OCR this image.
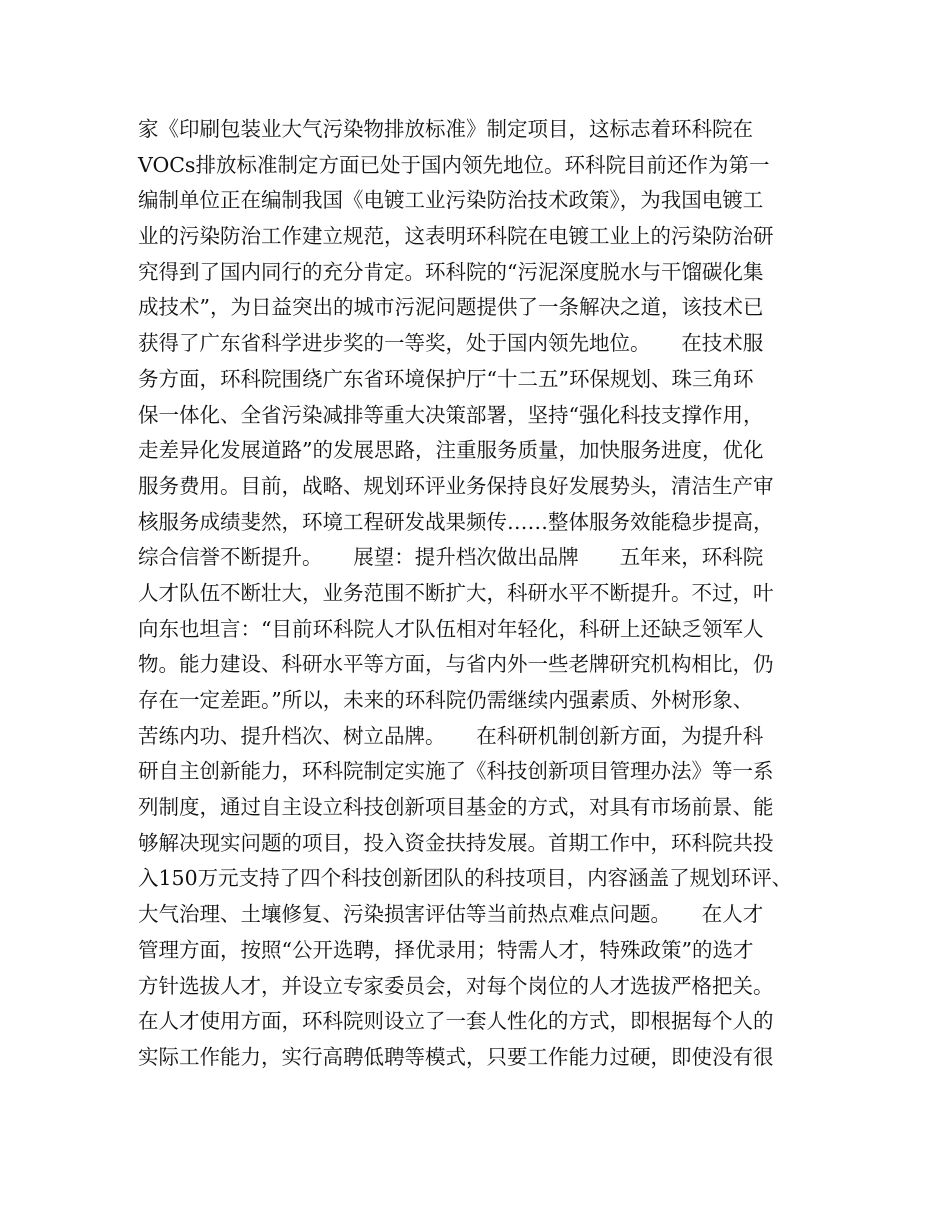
家《印刷包装业大气污染物排放标准》制定项目，这标志着环科院在
VOCs排放标准制定方面已处于国内领先地位。环科院目前还作为第一
编制单位正在编制我国《电镀工业污染防治技术政策》，为我国电镀工
业的污染防治工作建立规范，这表明环科院在电镀工业上的污染防治研
究得到了国内同行的充分肯定。环科院的“污泥深度脱水与干馏碳化集
成技术”，为日益突出的城市污泥问题提供了一条解决之道，该技术已
获得了广东省科学进步奖的一等奖，处于国内领先地位。　　在技术服
务方面，环科院围绕广东省环境保护厅“十二五”环保规划、珠三角环
保一体化、全省污染减排等重大决策部署，坚持“强化科技支撑作用，
走差异化发展道路”的发展思路，注重服务质量，加快服务进度，优化
服务费用。目前，战略、规划环评业务保持良好发展势头，清洁生产审
核服务成绩斐然，环境工程研发战果频传……整体服务效能稳步提高，
综合信誉不断提升。　　展望：提升档次做出品牌　　五年来，环科院
人才队伍不断壮大，业务范围不断扩大，科研水平不断提升。不过，叶
向东也坦言：“目前环科院人才队伍相对年轻化，科研上还缺乏领军人
物。能力建设、科研水平等方面，与省内外一些老牌研究机构相比，仍
存在一定差距。”所以，未来的环科院仍需继续内强素质、外树形象、
苦练内功、提升档次、树立品牌。　　在科研机制创新方面，为提升科
研自主创新能力，环科院制定实施了《科技创新项目管理办法》等一系
列制度，通过自主设立科技创新项目基金的方式，对具有市场前景、能
够解决现实问题的项目，投入资金扶持发展。首期工作中，环科院共投
入150万元支持了四个科技创新团队的科技项目，内容涵盖了规划环评、
大气治理、土壤修复、污染损害评估等当前热点难点问题。　　在人才
管理方面，按照“公开选聘，择优录用；特需人才，特殊政策”的选才
方针选拔人才，并设立专家委员会，对每个岗位的人才选拔严格把关。
在人才使用方面，环科院则设立了一套人性化的方式，即根据每个人的
实际工作能力，实行高聘低聘等模式，只要工作能力过硬，即使没有很
